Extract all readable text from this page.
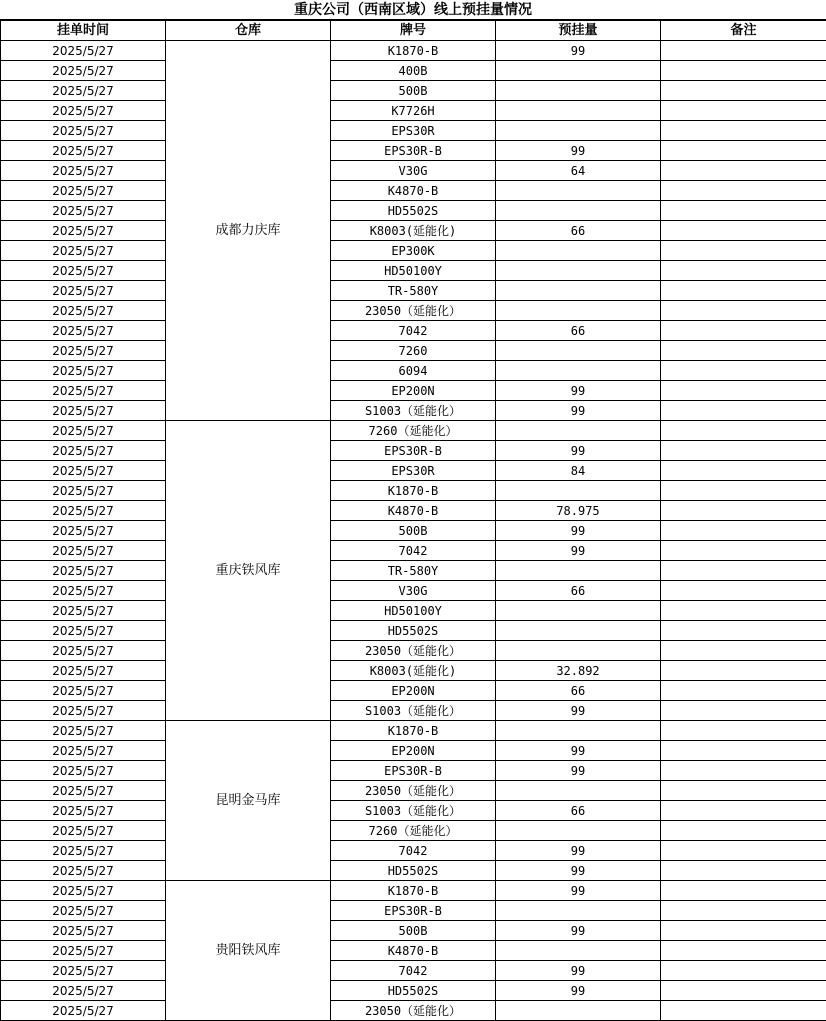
重庆公司（西南区域）线上预挂量情况
挂单时间	仓库	牌号	预挂量	备注
2025/5/27	成都力庆库	K1870-B	99	
2025/5/27		400B		
2025/5/27		500B		
2025/5/27		K7726H		
2025/5/27		EPS30R		
2025/5/27		EPS30R-B	99	
2025/5/27		V30G	64	
2025/5/27		K4870-B		
2025/5/27		HD5502S		
2025/5/27		K8003(延能化)	66	
2025/5/27		EP300K		
2025/5/27		HD50100Y		
2025/5/27		TR-580Y		
2025/5/27		23050（延能化）		
2025/5/27		7042	66	
2025/5/27		7260		
2025/5/27		6094		
2025/5/27		EP200N	99	
2025/5/27		S1003（延能化）	99	
2025/5/27	重庆铁风库	7260（延能化）		
2025/5/27		EPS30R-B	99	
2025/5/27		EPS30R	84	
2025/5/27		K1870-B		
2025/5/27		K4870-B	78.975	
2025/5/27		500B	99	
2025/5/27		7042	99	
2025/5/27		TR-580Y		
2025/5/27		V30G	66	
2025/5/27		HD50100Y		
2025/5/27		HD5502S		
2025/5/27		23050（延能化）		
2025/5/27		K8003(延能化)	32.892	
2025/5/27		EP200N	66	
2025/5/27		S1003（延能化）	99	
2025/5/27	昆明金马库	K1870-B		
2025/5/27		EP200N	99	
2025/5/27		EPS30R-B	99	
2025/5/27		23050（延能化）		
2025/5/27		S1003（延能化）	66	
2025/5/27		7260（延能化）		
2025/5/27		7042	99	
2025/5/27		HD5502S	99	
2025/5/27	贵阳铁风库	K1870-B	99	
2025/5/27		EPS30R-B		
2025/5/27		500B	99	
2025/5/27		K4870-B		
2025/5/27		7042	99	
2025/5/27		HD5502S	99	
2025/5/27		23050（延能化）		
